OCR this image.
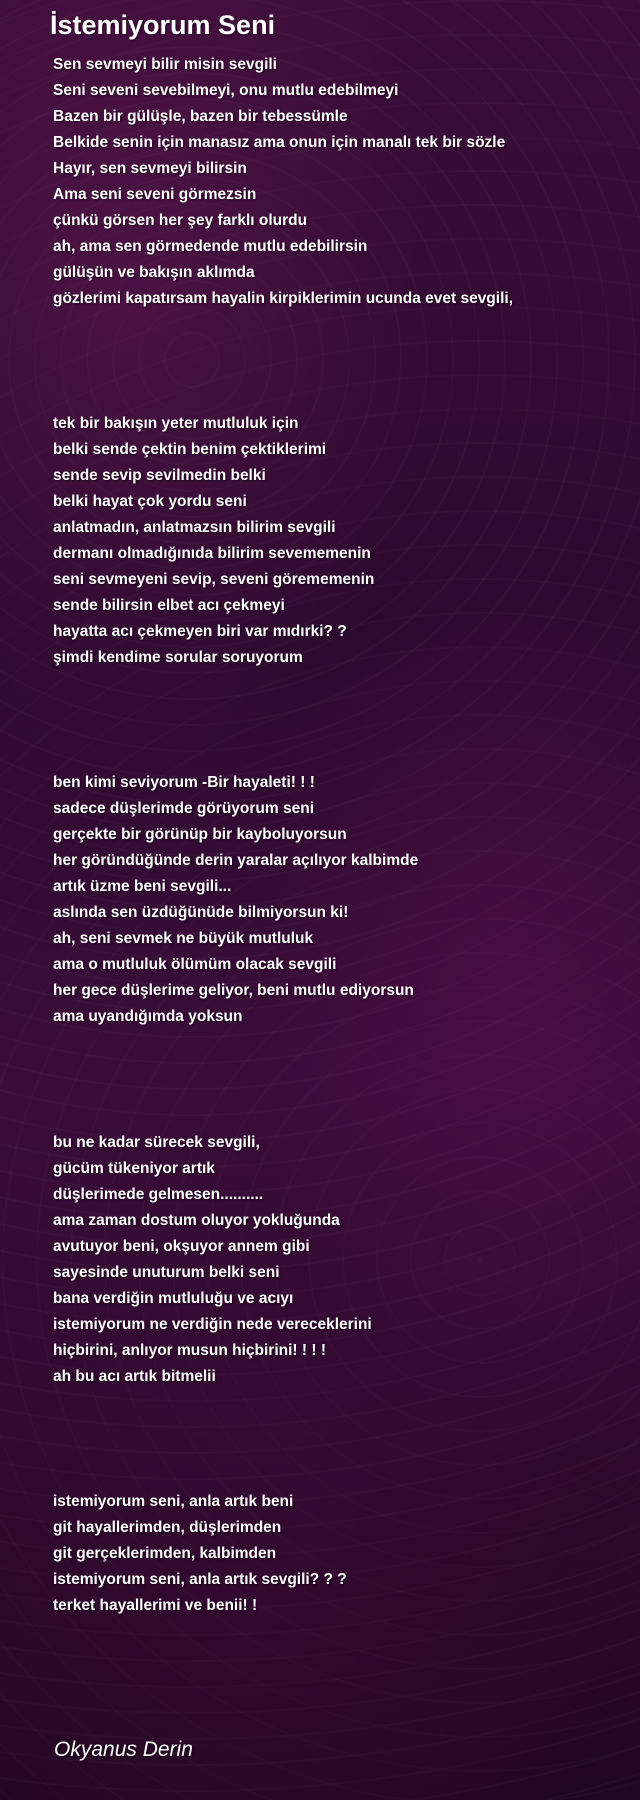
İstemiyorum Seni
Sen sevmeyi bilir misin sevgili
Seni seveni sevebilmeyi, onu mutlu edebilmeyi
Bazen bir gülüşle, bazen bir tebessümle
Belkide senin için manasız ama onun için manalı tek bir sözle
Hayır, sen sevmeyi bilirsin
Ama seni seveni görmezsin
çünkü görsen her şey farklı olurdu
ah, ama sen görmedende mutlu edebilirsin
gülüşün ve bakışın aklımda
gözlerimi kapatırsam hayalin kirpiklerimin ucunda evet sevgili,
tek bir bakışın yeter mutluluk için
belki sende çektin benim çektiklerimi
sende sevip sevilmedin belki
belki hayat çok yordu seni
anlatmadın, anlatmazsın bilirim sevgili
dermanı olmadığınıda bilirim sevememenin
seni sevmeyeni sevip, seveni görememenin
sende bilirsin elbet acı çekmeyi
hayatta acı çekmeyen biri var mıdırki? ?
şimdi kendime sorular soruyorum
ben kimi seviyorum -Bir hayaleti! ! !
sadece düşlerimde görüyorum seni
gerçekte bir görünüp bir kayboluyorsun
her göründüğünde derin yaralar açılıyor kalbimde
artık üzme beni sevgili...
aslında sen üzdüğünüde bilmiyorsun ki!
ah, seni sevmek ne büyük mutluluk
ama o mutluluk ölümüm olacak sevgili
her gece düşlerime geliyor, beni mutlu ediyorsun
ama uyandığımda yoksun
bu ne kadar sürecek sevgili,
gücüm tükeniyor artık
düşlerimede gelmesen..........
ama zaman dostum oluyor yokluğunda
avutuyor beni, okşuyor annem gibi
sayesinde unuturum belki seni
bana verdiğin mutluluğu ve acıyı
istemiyorum ne verdiğin nede vereceklerini
hiçbirini, anlıyor musun hiçbirini! ! ! !
ah bu acı artık bitmelii
istemiyorum seni, anla artık beni
git hayallerimden, düşlerimden
git gerçeklerimden, kalbimden
istemiyorum seni, anla artık sevgili? ? ?
terket hayallerimi ve benii! !

Okyanus Derin
